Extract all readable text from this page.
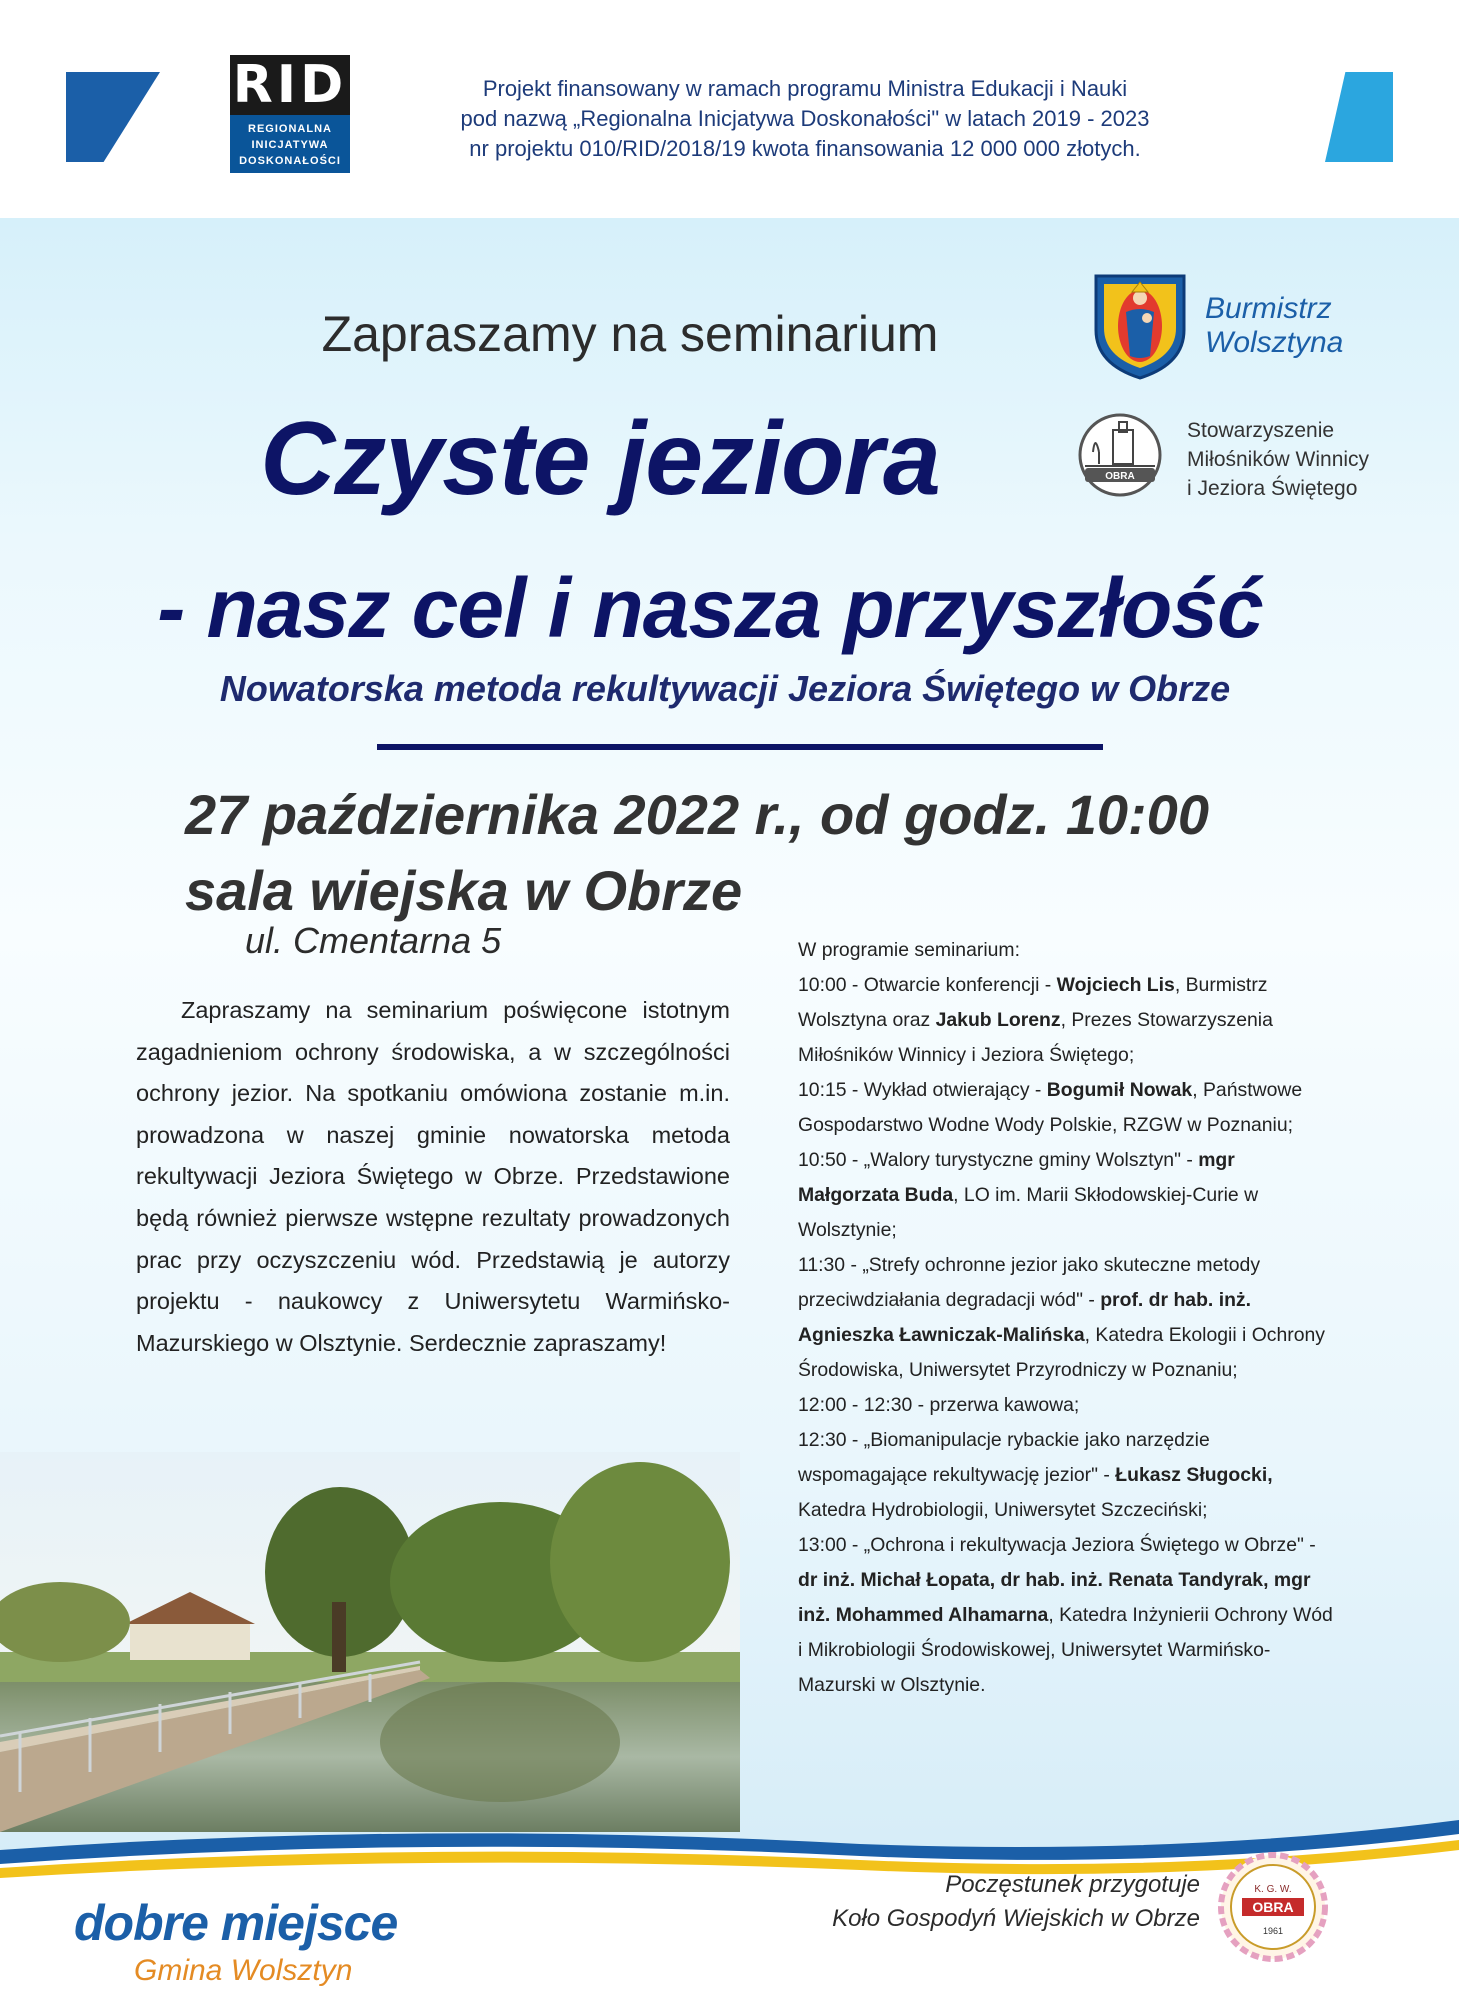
RID
REGIONALNA
INICJATYWA
DOSKONAŁOŚCI
Projekt finansowany w ramach programu Ministra Edukacji i Nauki
pod nazwą „Regionalna Inicjatywa Doskonałości" w latach 2019 - 2023
nr projektu 010/RID/2018/19 kwota finansowania 12 000 000 złotych.
Burmistrz
Wolsztyna
OBRA
Stowarzyszenie
Miłośników Winnicy
i Jeziora Świętego
Zapraszamy na seminarium
Czyste jeziora
- nasz cel i nasza przyszłość
Nowatorska metoda rekultywacji Jeziora Świętego w Obrze
27 października 2022 r., od godz. 10:00
sala wiejska w Obrze
ul. Cmentarna 5
Zapraszamy na seminarium poświęcone istotnym zagadnieniom ochrony środowiska, a w szczególności ochrony jezior. Na spotkaniu omówiona zostanie m.in. prowadzona w naszej gminie nowatorska metoda rekultywacji Jeziora Świętego w Obrze. Przedstawione będą również pierwsze wstępne rezultaty prowadzonych prac przy oczyszczeniu wód. Przedstawią je autorzy projektu - naukowcy z Uniwersytetu Warmińsko-Mazurskiego w Olsztynie. Serdecznie zapraszamy!

W programie seminarium:

10:00 - Otwarcie konferencji - Wojciech Lis, Burmistrz Wolsztyna oraz Jakub Lorenz, Prezes Stowarzyszenia Miłośników Winnicy i Jeziora Świętego;

10:15 - Wykład otwierający - Bogumił Nowak, Państwowe Gospodarstwo Wodne Wody Polskie, RZGW w Poznaniu;

10:50 - „Walory turystyczne gminy Wolsztyn" - mgr Małgorzata Buda, LO im. Marii Skłodowskiej-Curie w Wolsztynie;

11:30 - „Strefy ochronne jezior jako skuteczne metody przeciwdziałania degradacji wód" - prof. dr hab. inż. Agnieszka Ławniczak-Malińska, Katedra Ekologii i Ochrony Środowiska, Uniwersytet Przyrodniczy w Poznaniu;

12:00 - 12:30 - przerwa kawowa;

12:30 - „Biomanipulacje rybackie jako narzędzie wspomagające rekultywację jezior" - Łukasz Sługocki, Katedra Hydrobiologii, Uniwersytet Szczeciński;

13:00 - „Ochrona i rekultywacja Jeziora Świętego w Obrze" - dr inż. Michał Łopata, dr hab. inż. Renata Tandyrak, mgr inż. Mohammed Alhamarna, Katedra Inżynierii Ochrony Wód i Mikrobiologii Środowiskowej, Uniwersytet Warmińsko-Mazurski w Olsztynie.

dobre miejsce
Gmina Wolsztyn
Poczęstunek przygotuje
Koło Gospodyń Wiejskich w Obrze
K. G. W.
OBRA
1961
